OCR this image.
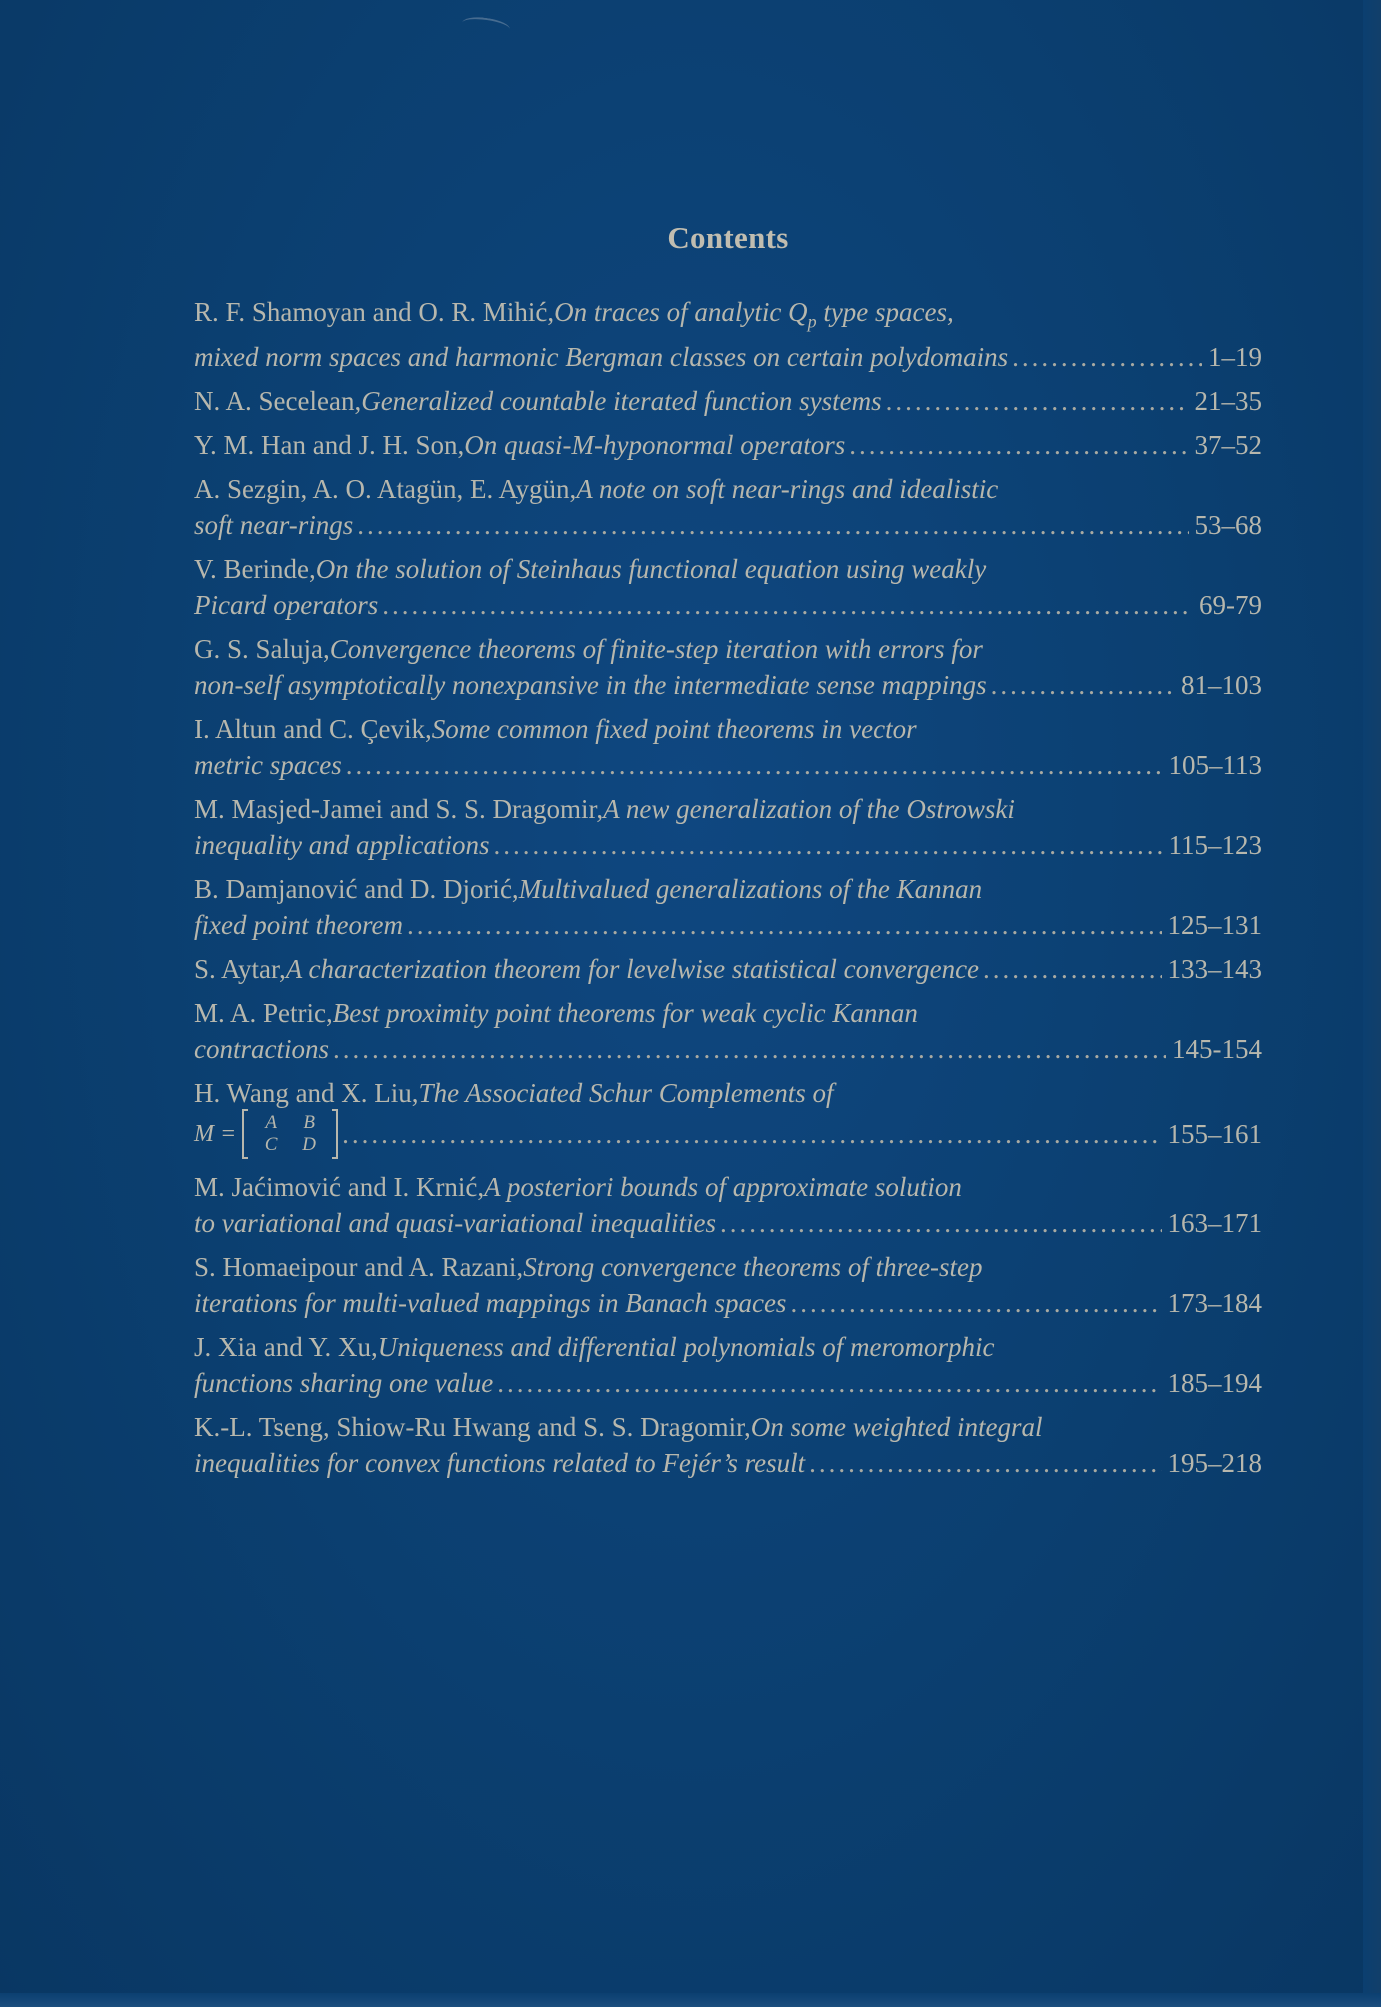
Contents
R. F. Shamoyan and O. R. Mihić, On traces of analytic $Q_p$ type spaces,
mixed norm spaces and harmonic Bergman classes on certain polydomains .....	1–19
N. A. Secelean, Generalized countable iterated function systems .....	21–35
Y. M. Han and J. H. Son, On quasi-M-hyponormal operators .....	37–52
A. Sezgin, A. O. Atagün, E. Aygün, A note on soft near-rings and idealistic
soft near-rings .....	53–68
V. Berinde, On the solution of Steinhaus functional equation using weakly
Picard operators .....	69-79
G. S. Saluja, Convergence theorems of finite-step iteration with errors for
non-self asymptotically nonexpansive in the intermediate sense mappings .....	81–103
I. Altun and C. Çevik, Some common fixed point theorems in vector
metric spaces .....	105–113
M. Masjed-Jamei and S. S. Dragomir, A new generalization of the Ostrowski
inequality and applications .....	115–123
B. Damjanović and D. Djorić, Multivalued generalizations of the Kannan
fixed point theorem .....	125–131
S. Aytar, A characterization theorem for levelwise statistical convergence .....	133–143
M. A. Petric, Best proximity point theorems for weak cyclic Kannan
contractions .....	145-154
H. Wang and X. Liu, The Associated Schur Complements of
M =	A	B
C	D .....	155–161
M. Jaćimović and I. Krnić, A posteriori bounds of approximate solution
to variational and quasi-variational inequalities .....	163–171
S. Homaeipour and A. Razani, Strong convergence theorems of three-step
iterations for multi-valued mappings in Banach spaces .....	173–184
J. Xia and Y. Xu, Uniqueness and differential polynomials of meromorphic
functions sharing one value .....	185–194
K.-L. Tseng, Shiow-Ru Hwang and S. S. Dragomir, On some weighted integral
inequalities for convex functions related to Fejér’s result .....	195–218
